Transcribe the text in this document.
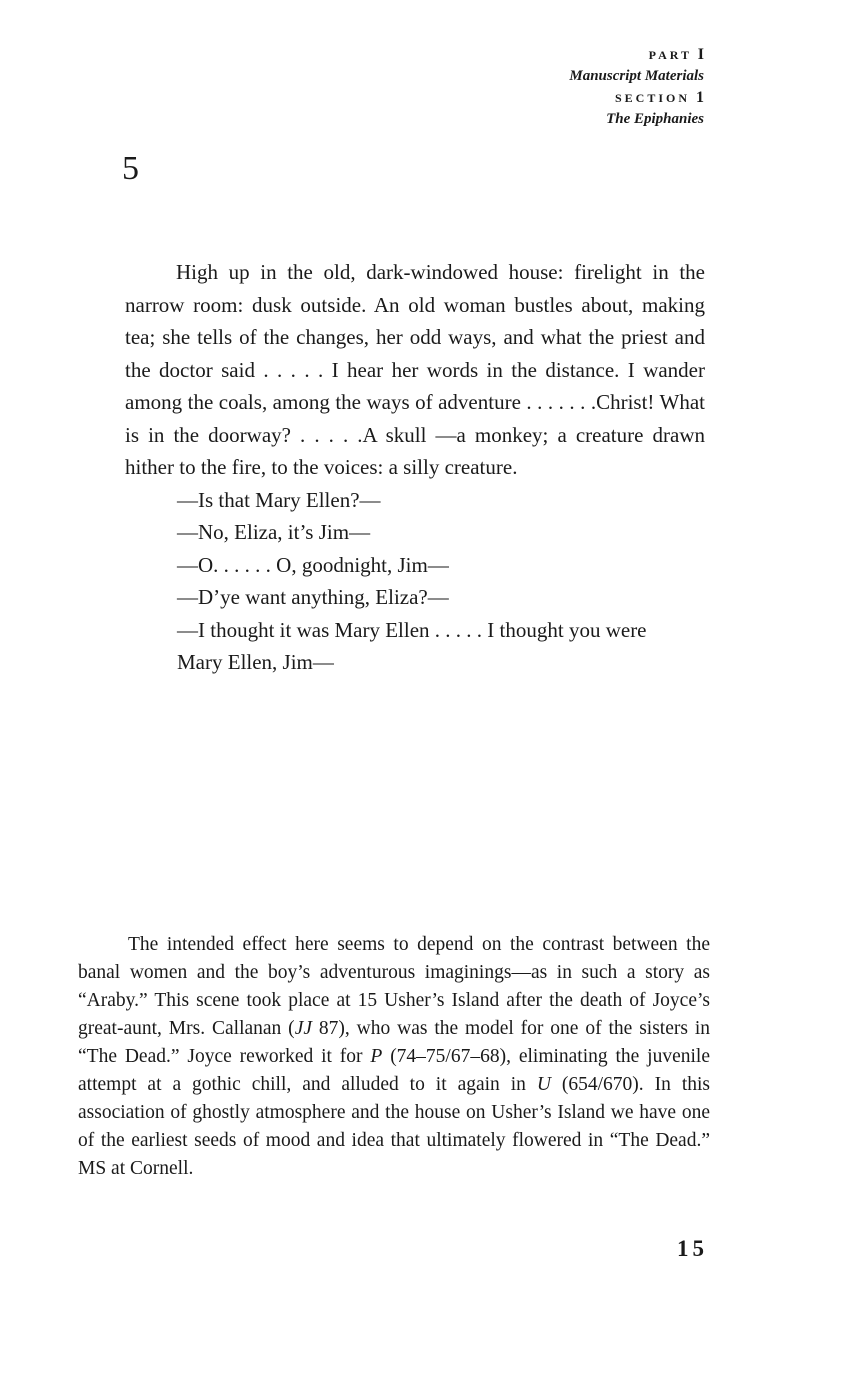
PART I
Manuscript Materials
SECTION 1
The Epiphanies
5

High up in the old, dark-windowed house: firelight in the narrow room: dusk outside. An old woman bustles about, making tea; she tells of the changes, her odd ways, and what the priest and the doctor said . . . . . I hear her words in the distance. I wander among the coals, among the ways of adventure . . . . . . .Christ! What is in the doorway? . . . . .A skull —a monkey; a creature drawn hither to the fire, to the voices: a silly creature.

—Is that Mary Ellen?—
—No, Eliza, it’s Jim—
—O. . . . . . O, goodnight, Jim—
—D’ye want anything, Eliza?—
—I thought it was Mary Ellen . . . . . I thought you were Mary Ellen, Jim—

The intended effect here seems to depend on the contrast between the banal women and the boy’s adventurous imaginings—as in such a story as “Araby.” This scene took place at 15 Usher’s Island after the death of Joyce’s great-aunt, Mrs. Callanan (JJ 87), who was the model for one of the sisters in “The Dead.” Joyce reworked it for P (74–75/67–68), eliminating the juvenile attempt at a gothic chill, and alluded to it again in U (654/670). In this association of ghostly atmosphere and the house on Usher’s Island we have one of the earliest seeds of mood and idea that ultimately flowered in “The Dead.” MS at Cornell.

15
